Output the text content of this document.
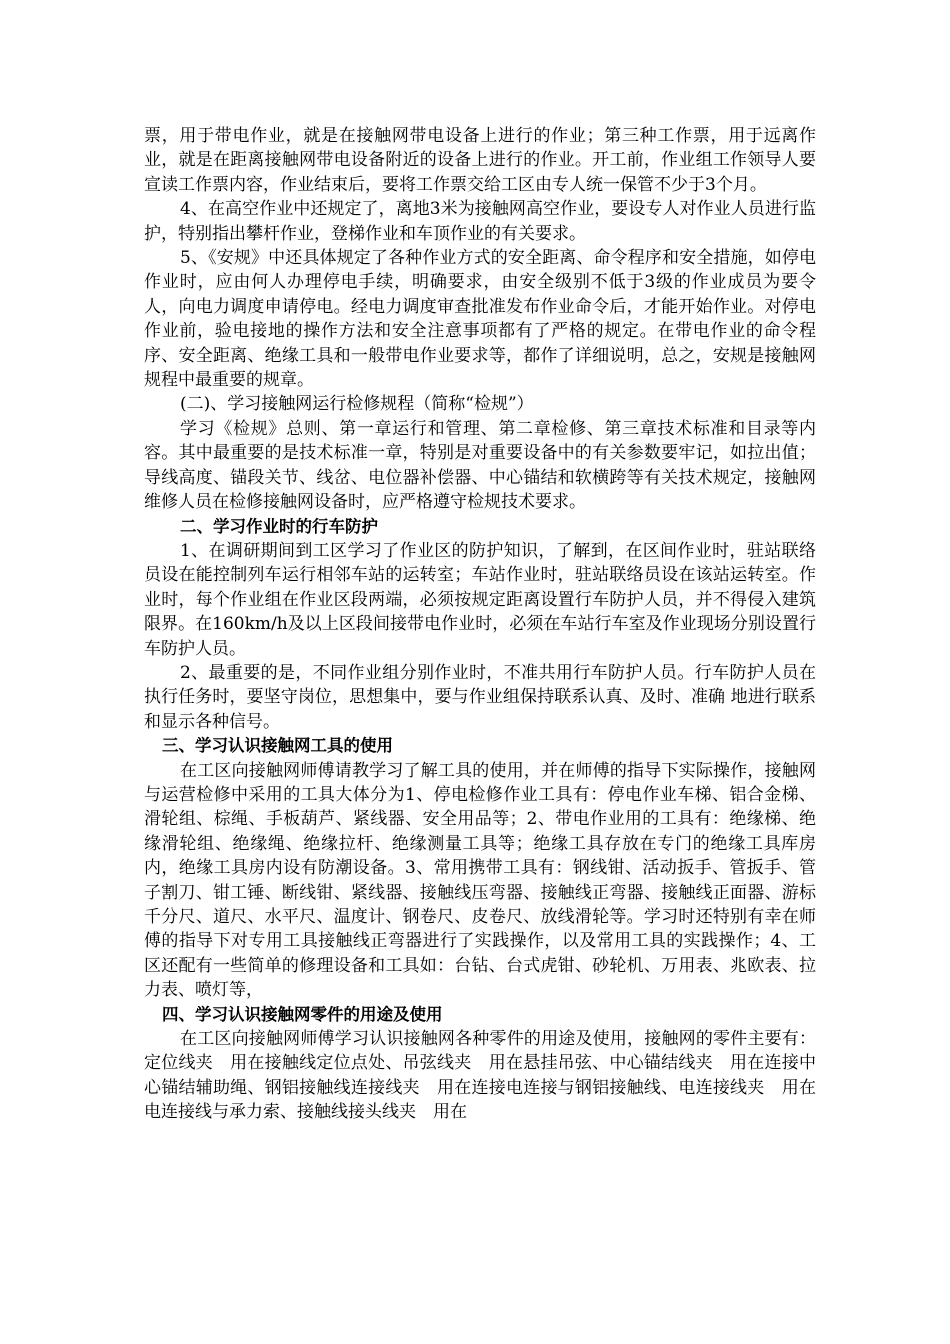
票，用于带电作业，就是在接触网带电设备上进行的作业；第三种工作票，用于远离作业，就是在距离接触网带电设备附近的设备上进行的作业。开工前，作业组工作领导人要宣读工作票内容，作业结束后，要将工作票交给工区由专人统一保管不少于3个月。

4、在高空作业中还规定了，离地3米为接触网高空作业，要设专人对作业人员进行监护，特别指出攀杆作业，登梯作业和车顶作业的有关要求。

5、《安规》中还具体规定了各种作业方式的安全距离、命令程序和安全措施，如停电作业时，应由何人办理停电手续，明确要求，由安全级别不低于3级的作业成员为要令人，向电力调度申请停电。经电力调度审查批准发布作业命令后，才能开始作业。对停电作业前，验电接地的操作方法和安全注意事项都有了严格的规定。在带电作业的命令程序、安全距离、绝缘工具和一般带电作业要求等，都作了详细说明，总之，安规是接触网规程中最重要的规章。

(二)、学习接触网运行检修规程（简称“检规”）

学习《检规》总则、第一章运行和管理、第二章检修、第三章技术标准和目录等内容。其中最重要的是技术标准一章，特别是对重要设备中的有关参数要牢记，如拉出值；导线高度、锚段关节、线岔、电位器补偿器、中心锚结和软横跨等有关技术规定，接触网维修人员在检修接触网设备时，应严格遵守检规技术要求。

二、学习作业时的行车防护

1、在调研期间到工区学习了作业区的防护知识，了解到，在区间作业时，驻站联络员设在能控制列车运行相邻车站的运转室；车站作业时，驻站联络员设在该站运转室。作业时，每个作业组在作业区段两端，必须按规定距离设置行车防护人员，并不得侵入建筑限界。在160km/h及以上区段间接带电作业时，必须在车站行车室及作业现场分别设置行车防护人员。

2、最重要的是，不同作业组分别作业时，不准共用行车防护人员。行车防护人员在执行任务时，要坚守岗位，思想集中，要与作业组保持联系认真、及时、准确 地进行联系和显示各种信号。

三、学习认识接触网工具的使用

在工区向接触网师傅请教学习了解工具的使用，并在师傅的指导下实际操作，接触网与运营检修中采用的工具大体分为1、停电检修作业工具有：停电作业车梯、铝合金梯、滑轮组、棕绳、手板葫芦、紧线器、安全用品等；2、带电作业用的工具有：绝缘梯、绝缘滑轮组、绝缘绳、绝缘拉杆、绝缘测量工具等；绝缘工具存放在专门的绝缘工具库房内，绝缘工具房内设有防潮设备。3、常用携带工具有：钢线钳、活动扳手、管扳手、管子割刀、钳工锤、断线钳、紧线器、接触线压弯器、接触线正弯器、接触线正面器、游标千分尺、道尺、水平尺、温度计、钢卷尺、皮卷尺、放线滑轮等。学习时还特别有幸在师傅的指导下对专用工具接触线正弯器进行了实践操作，以及常用工具的实践操作；4、工区还配有一些简单的修理设备和工具如：台钻、台式虎钳、砂轮机、万用表、兆欧表、拉力表、喷灯等，

四、学习认识接触网零件的用途及使用

在工区向接触网师傅学习认识接触网各种零件的用途及使用，接触网的零件主要有：定位线夹　用在接触线定位点处、吊弦线夹　用在悬挂吊弦、中心锚结线夹　用在连接中心锚结辅助绳、钢铝接触线连接线夹　用在连接电连接与钢铝接触线、电连接线夹　用在电连接线与承力索、接触线接头线夹　用在
